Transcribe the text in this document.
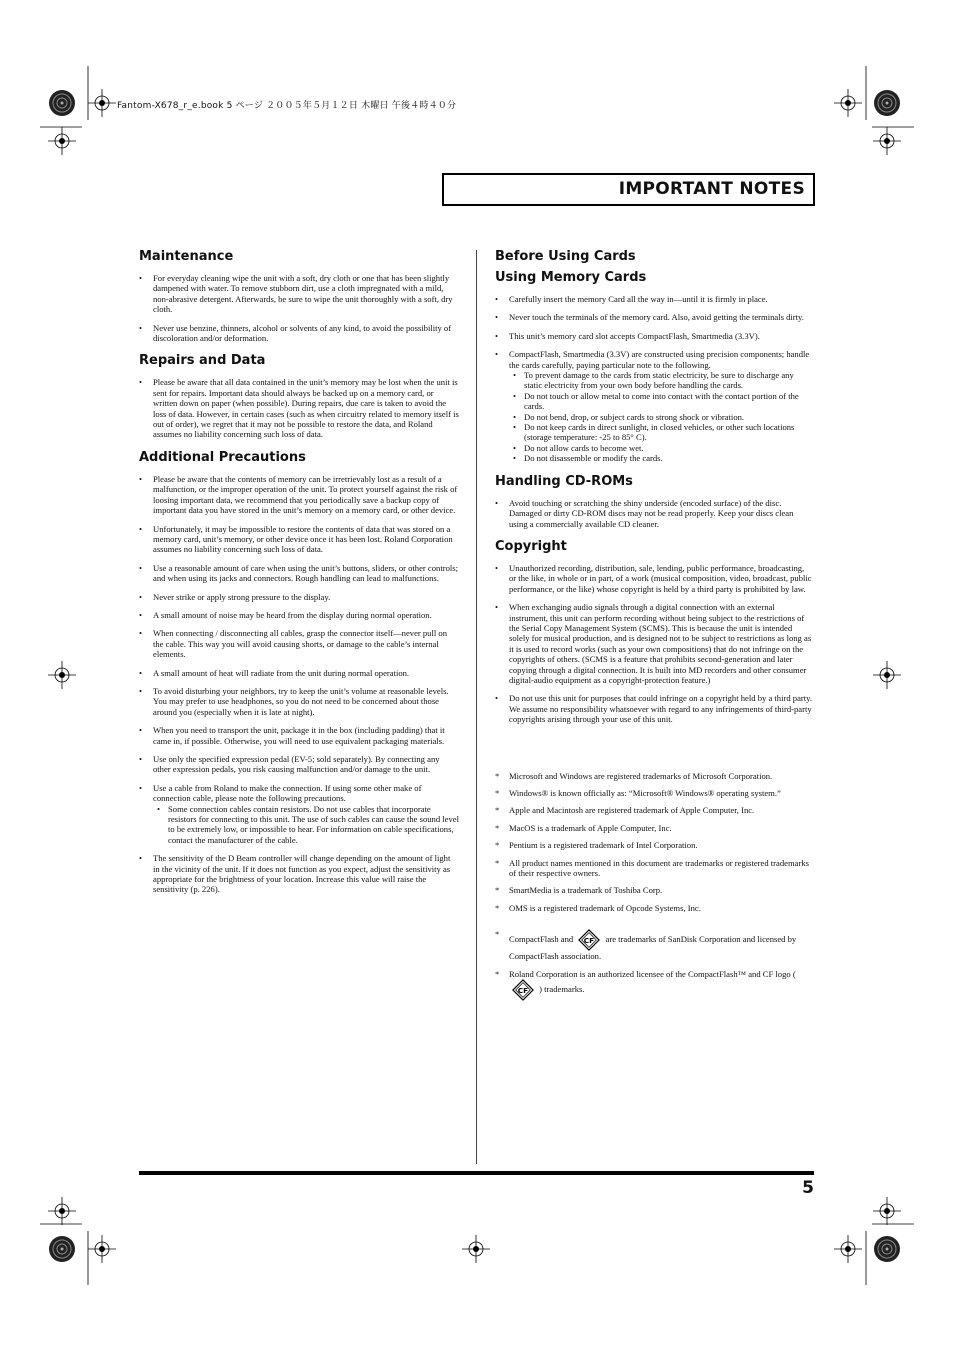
Fantom-X678_r_e.book 5 ページ ２００５年５月１２日 木曜日 午後４時４０分
IMPORTANT NOTES
Maintenance
• For everyday cleaning wipe the unit with a soft, dry cloth or one that has been slightly dampened with water. To remove stubborn dirt, use a cloth impregnated with a mild, non-abrasive detergent. Afterwards, be sure to wipe the unit thoroughly with a soft, dry cloth.
• Never use benzine, thinners, alcohol or solvents of any kind, to avoid the possibility of discoloration and/or deformation.
Repairs and Data
• Please be aware that all data contained in the unit’s memory may be lost when the unit is sent for repairs. Important data should always be backed up on a memory card, or written down on paper (when possible). During repairs, due care is taken to avoid the loss of data. However, in certain cases (such as when circuitry related to memory itself is out of order), we regret that it may not be possible to restore the data, and Roland assumes no liability concerning such loss of data.
Additional Precautions
• Please be aware that the contents of memory can be irretrievably lost as a result of a malfunction, or the improper operation of the unit. To protect yourself against the risk of loosing important data, we recommend that you periodically save a backup copy of important data you have stored in the unit’s memory on a memory card, or other device.
• Unfortunately, it may be impossible to restore the contents of data that was stored on a memory card, unit’s memory, or other device once it has been lost. Roland Corporation assumes no liability concerning such loss of data.
• Use a reasonable amount of care when using the unit’s buttons, sliders, or other controls; and when using its jacks and connectors. Rough handling can lead to malfunctions.
• Never strike or apply strong pressure to the display.
• A small amount of noise may be heard from the display during normal operation.
• When connecting / disconnecting all cables, grasp the connector itself—never pull on the cable. This way you will avoid causing shorts, or damage to the cable’s internal elements.
• A small amount of heat will radiate from the unit during normal operation.
• To avoid disturbing your neighbors, try to keep the unit’s volume at reasonable levels. You may prefer to use headphones, so you do not need to be concerned about those around you (especially when it is late at night).
• When you need to transport the unit, package it in the box (including padding) that it came in, if possible. Otherwise, you will need to use equivalent packaging materials.
• Use only the specified expression pedal (EV-5; sold separately). By connecting any other expression pedals, you risk causing malfunction and/or damage to the unit.
• Use a cable from Roland to make the connection. If using some other make of connection cable, please note the following precautions.
• Some connection cables contain resistors. Do not use cables that incorporate resistors for connecting to this unit. The use of such cables can cause the sound level to be extremely low, or impossible to hear. For information on cable specifications, contact the manufacturer of the cable.
• The sensitivity of the D Beam controller will change depending on the amount of light in the vicinity of the unit. If it does not function as you expect, adjust the sensitivity as appropriate for the brightness of your location. Increase this value will raise the sensitivity (p. 226).
Before Using Cards
Using Memory Cards
• Carefully insert the memory Card all the way in—until it is firmly in place.
• Never touch the terminals of the memory card. Also, avoid getting the terminals dirty.
• This unit’s memory card slot accepts CompactFlash, Smartmedia (3.3V).
• CompactFlash, Smartmedia (3.3V) are constructed using precision components; handle the cards carefully, paying particular note to the following.
• To prevent damage to the cards from static electricity, be sure to discharge any static electricity from your own body before handling the cards.
• Do not touch or allow metal to come into contact with the contact portion of the cards.
• Do not bend, drop, or subject cards to strong shock or vibration.
• Do not keep cards in direct sunlight, in closed vehicles, or other such locations (storage temperature: -25 to 85° C).
• Do not allow cards to become wet.
• Do not disassemble or modify the cards.
Handling CD-ROMs
• Avoid touching or scratching the shiny underside (encoded surface) of the disc. Damaged or dirty CD-ROM discs may not be read properly. Keep your discs clean using a commercially available CD cleaner.
Copyright
• Unauthorized recording, distribution, sale, lending, public performance, broadcasting, or the like, in whole or in part, of a work (musical composition, video, broadcast, public performance, or the like) whose copyright is held by a third party is prohibited by law.
• When exchanging audio signals through a digital connection with an external instrument, this unit can perform recording without being subject to the restrictions of the Serial Copy Management System (SCMS). This is because the unit is intended solely for musical production, and is designed not to be subject to restrictions as long as it is used to record works (such as your own compositions) that do not infringe on the copyrights of others. (SCMS is a feature that prohibits second-generation and later copying through a digital connection. It is built into MD recorders and other consumer digital-audio equipment as a copyright-protection feature.)
• Do not use this unit for purposes that could infringe on a copyright held by a third party. We assume no responsibility whatsoever with regard to any infringements of third-party copyrights arising through your use of this unit.
* Microsoft and Windows are registered trademarks of Microsoft Corporation.
* Windows® is known officially as: “Microsoft® Windows® operating system.”
* Apple and Macintosh are registered trademark of Apple Computer, Inc.
* MacOS is a trademark of Apple Computer, Inc.
* Pentium is a registered trademark of Intel Corporation.
* All product names mentioned in this document are trademarks or registered trademarks of their respective owners.
* SmartMedia is a trademark of Toshiba Corp.
* OMS is a registered trademark of Opcode Systems, Inc.
* CompactFlash and CF are trademarks of SanDisk Corporation and licensed by CompactFlash association.
* Roland Corporation is an authorized licensee of the CompactFlash™ and CF logo (
CF ) trademarks.
5
